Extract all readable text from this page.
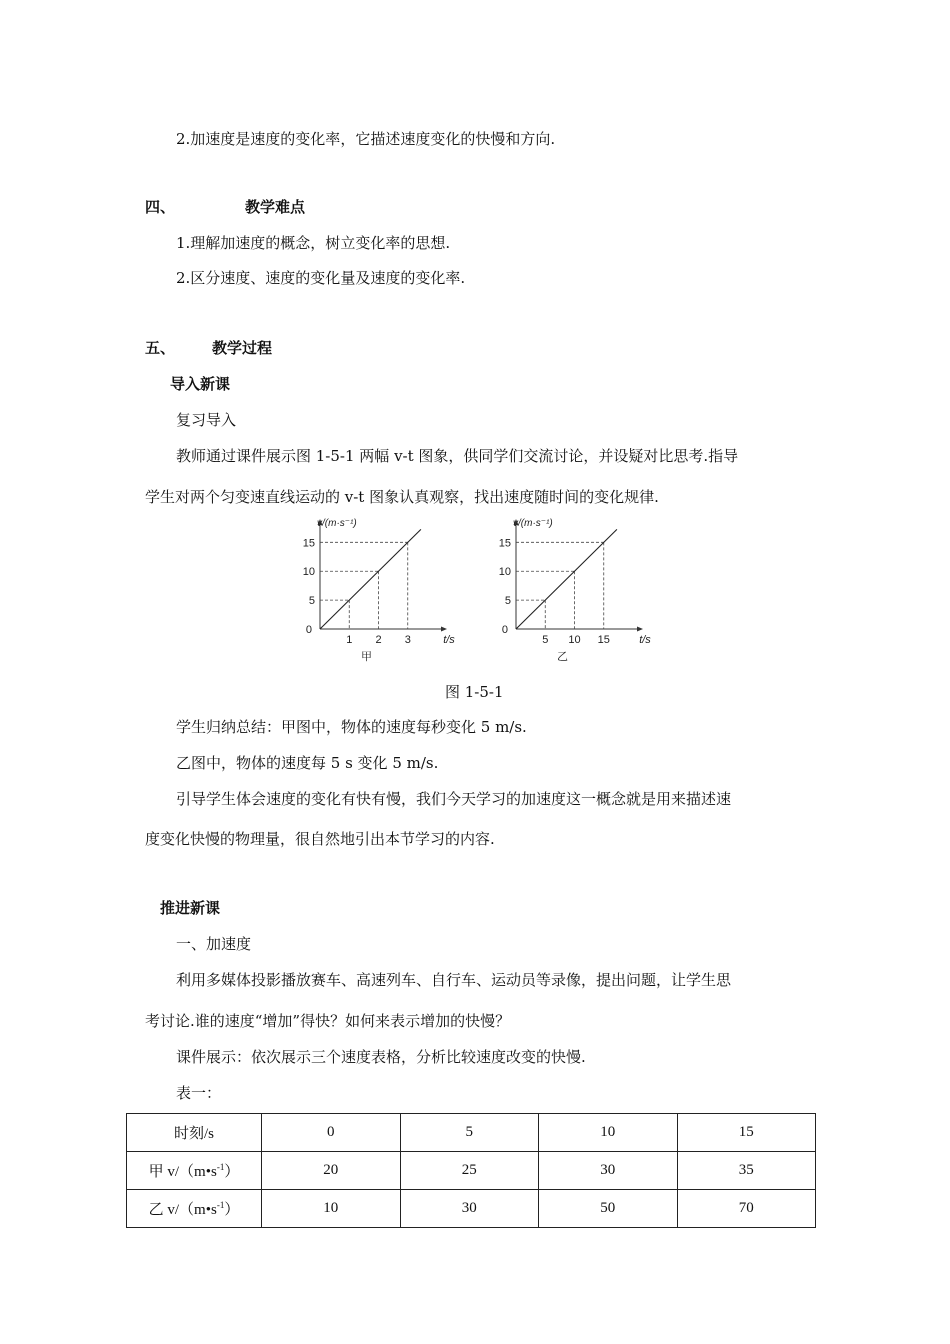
2.加速度是速度的变化率，它描述速度变化的快慢和方向.
四、	教学难点
1.理解加速度的概念，树立变化率的思想.
2.区分速度、速度的变化量及速度的变化率.
五、 教学过程
导入新课
复习导入
教师通过课件展示图 1-5-1 两幅 v-t 图象，供同学们交流讨论，并设疑对比思考.指导
学生对两个匀变速直线运动的 v-t 图象认真观察，找出速度随时间的变化规律.
1
5
2
10
3
15
0
v/(m·s⁻¹)
t/s
甲
5
5
10
10
15
15
0
v/(m·s⁻¹)
t/s
乙
图 1-5-1
学生归纳总结：甲图中，物体的速度每秒变化 5 m/s.
乙图中，物体的速度每 5 s 变化 5 m/s.
引导学生体会速度的变化有快有慢，我们今天学习的加速度这一概念就是用来描述速
度变化快慢的物理量，很自然地引出本节学习的内容.
推进新课
一、加速度
利用多媒体投影播放赛车、高速列车、自行车、运动员等录像，提出问题，让学生思
考讨论.谁的速度“增加”得快？如何来表示增加的快慢？
课件展示：依次展示三个速度表格，分析比较速度改变的快慢.
表一：
时刻/s	0	5	10	15
甲 $v/(m•s^{-1})$	20	25	30	35
乙 $v/(m•s^{-1})$	10	30	50	70
